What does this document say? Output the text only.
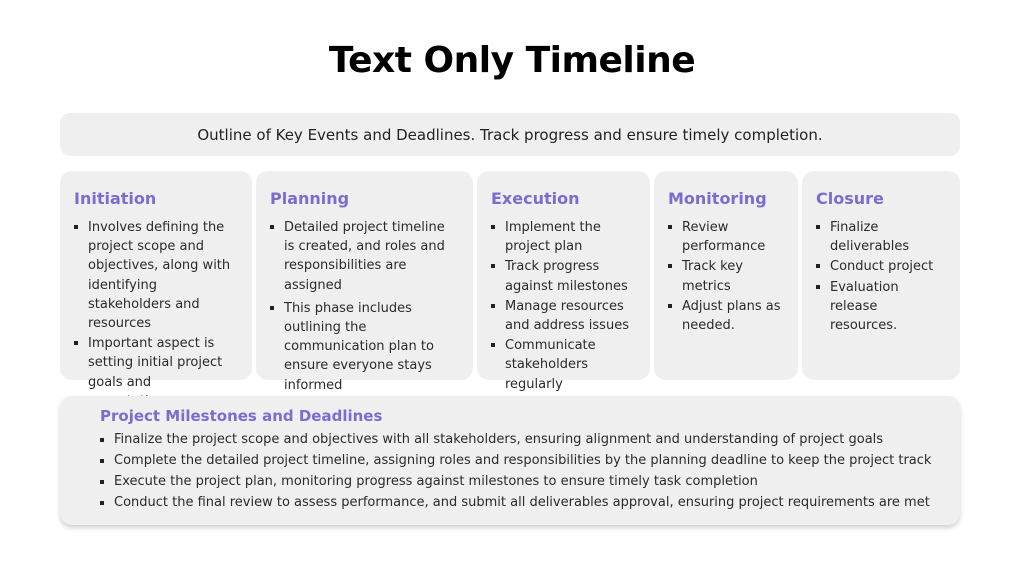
Text Only Timeline
Outline of Key Events and Deadlines. Track progress and ensure timely completion.
Initiation
Involves defining the project scope and objectives, along with identifying stakeholders and resources
Important aspect is setting initial project goals and
Planning
Detailed project timeline is created, and roles and responsibilities are assigned
This phase includes outlining the communication plan to ensure everyone stays informed
Execution
Implement the project plan
Track progress against milestones
Manage resources and address issues
Communicate stakeholders regularly
Monitoring
Review performance
Track key metrics
Adjust plans as needed.
Closure
Finalize deliverables
Conduct project
Evaluation release resources.
Project Milestones and Deadlines
Finalize the project scope and objectives with all stakeholders, ensuring alignment and understanding of project goals
Complete the detailed project timeline, assigning roles and responsibilities by the planning deadline to keep the project track
Execute the project plan, monitoring progress against milestones to ensure timely task completion
Conduct the final review to assess performance, and submit all deliverables approval, ensuring project requirements are met
